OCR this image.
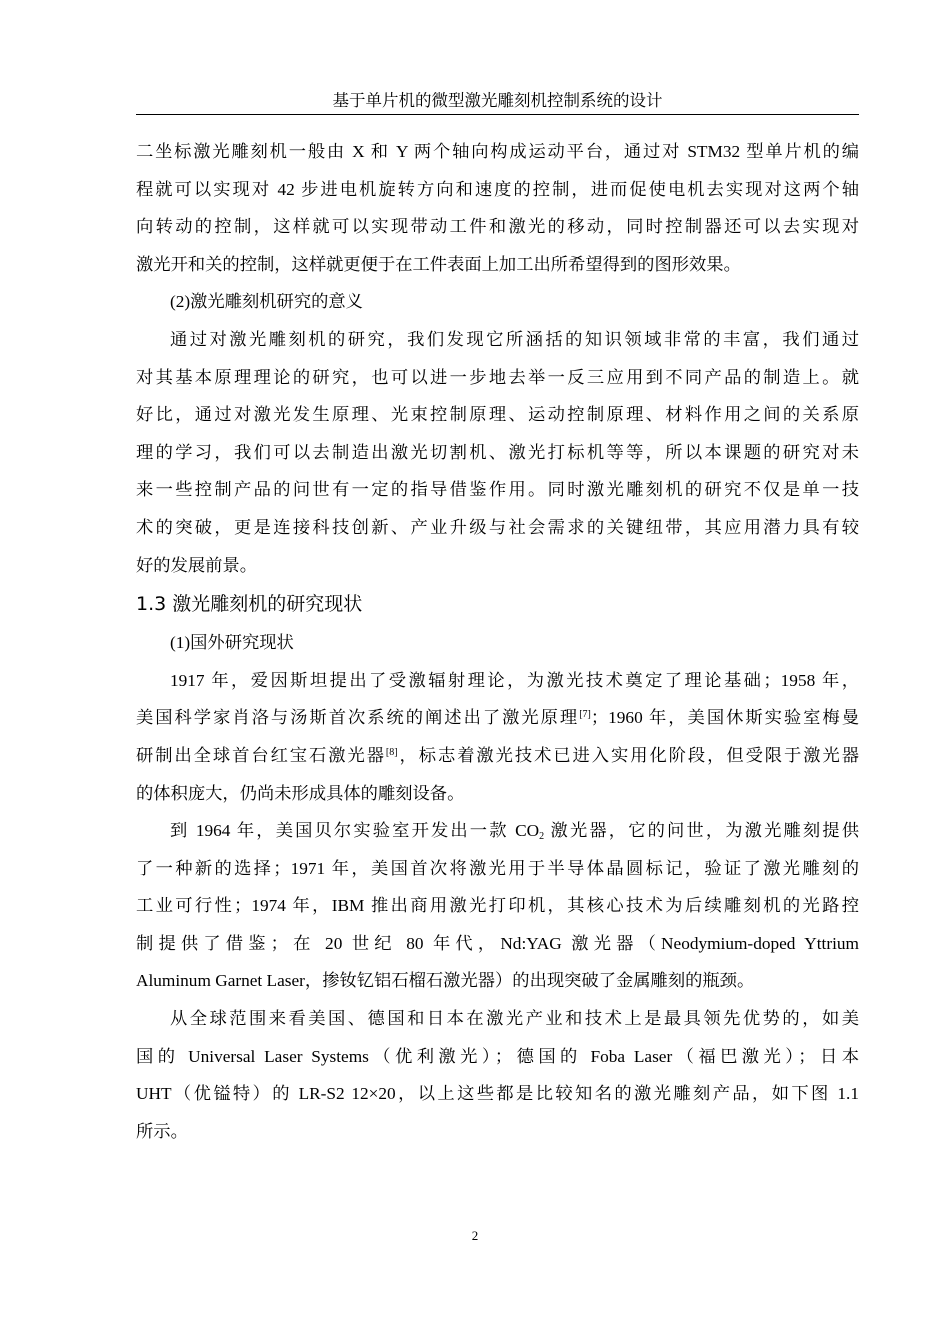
基于单片机的微型激光雕刻机控制系统的设计
二坐标激光雕刻机一般由 X 和 Y 两个轴向构成运动平台，通过对 STM32 型单片机的编
程就可以实现对 42 步进电机旋转方向和速度的控制，进而促使电机去实现对这两个轴
向转动的控制，这样就可以实现带动工件和激光的移动，同时控制器还可以去实现对
激光开和关的控制，这样就更便于在工件表面上加工出所希望得到的图形效果。
(2)激光雕刻机研究的意义
通过对激光雕刻机的研究，我们发现它所涵括的知识领域非常的丰富，我们通过
对其基本原理理论的研究，也可以进一步地去举一反三应用到不同产品的制造上。就
好比，通过对激光发生原理、光束控制原理、运动控制原理、材料作用之间的关系原
理的学习，我们可以去制造出激光切割机、激光打标机等等，所以本课题的研究对未
来一些控制产品的问世有一定的指导借鉴作用。同时激光雕刻机的研究不仅是单一技
术的突破，更是连接科技创新、产业升级与社会需求的关键纽带，其应用潜力具有较
好的发展前景。
1.3 激光雕刻机的研究现状
(1)国外研究现状
1917 年，爱因斯坦提出了受激辐射理论，为激光技术奠定了理论基础；1958 年，
美国科学家肖洛与汤斯首次系统的阐述出了激光原理[7]；1960 年，美国休斯实验室梅曼
研制出全球首台红宝石激光器[8]，标志着激光技术已进入实用化阶段，但受限于激光器
的体积庞大，仍尚未形成具体的雕刻设备。
到 1964 年，美国贝尔实验室开发出一款 $CO_2$ 激光器，它的问世，为激光雕刻提供
了一种新的选择；1971 年，美国首次将激光用于半导体晶圆标记，验证了激光雕刻的
工业可行性；1974 年，IBM 推出商用激光打印机，其核心技术为后续雕刻机的光路控
制提供了借鉴；在 20 世纪 80 年代，Nd:YAG 激光器（Neodymium-doped Yttrium
Aluminum Garnet Laser，掺钕钇铝石榴石激光器）的出现突破了金属雕刻的瓶颈。
从全球范围来看美国、德国和日本在激光产业和技术上是最具领先优势的，如美
国的 Universal Laser Systems（优利激光）；德国的 Foba Laser（福巴激光）；日本
UHT（优镒特）的 LR-S2 12×20，以上这些都是比较知名的激光雕刻产品，如下图 1.1
所示。
2
